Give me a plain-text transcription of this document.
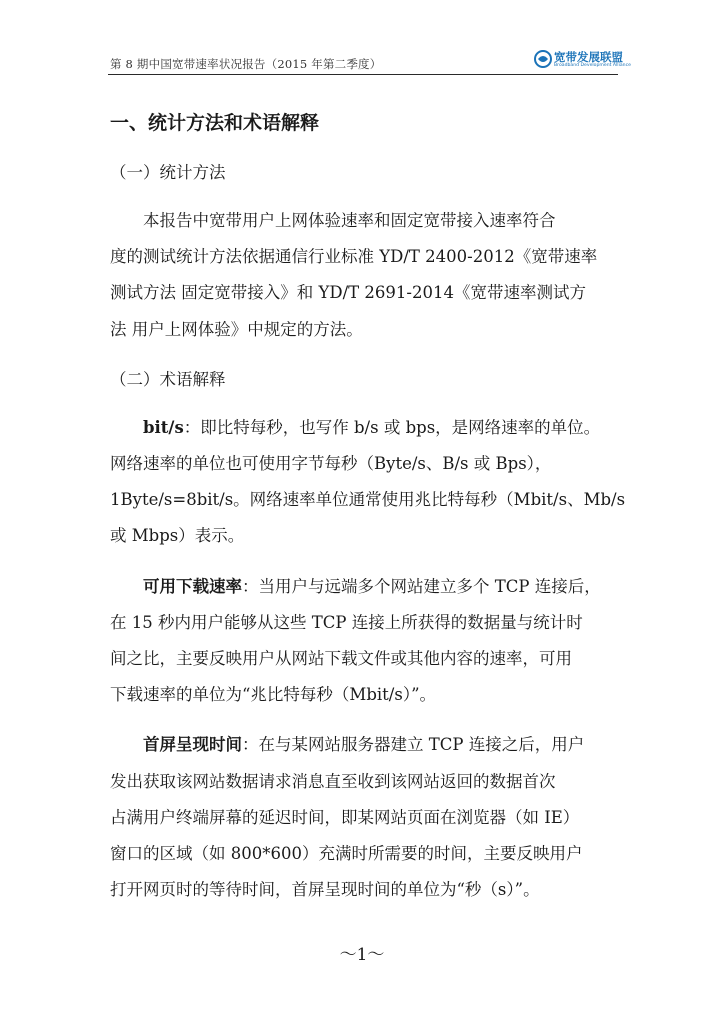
第 8 期中国宽带速率状况报告（2015 年第二季度）	宽带发展联盟
Broadband Development Alliance
一、统计方法和术语解释
（一）统计方法
本报告中宽带用户上网体验速率和固定宽带接入速率符合
度的测试统计方法依据通信行业标准 YD/T 2400-2012《宽带速率
测试方法 固定宽带接入》和 YD/T 2691-2014《宽带速率测试方
法 用户上网体验》中规定的方法。
（二）术语解释
bit/s：即比特每秒，也写作 b/s 或 bps，是网络速率的单位。
网络速率的单位也可使用字节每秒（Byte/s、B/s 或 Bps），
1Byte/s=8bit/s。网络速率单位通常使用兆比特每秒（Mbit/s、Mb/s
或 Mbps）表示。
可用下载速率：当用户与远端多个网站建立多个 TCP 连接后，
在 15 秒内用户能够从这些 TCP 连接上所获得的数据量与统计时
间之比，主要反映用户从网站下载文件或其他内容的速率，可用
下载速率的单位为“兆比特每秒（Mbit/s）”。
首屏呈现时间：在与某网站服务器建立 TCP 连接之后，用户
发出获取该网站数据请求消息直至收到该网站返回的数据首次
占满用户终端屏幕的延迟时间，即某网站页面在浏览器（如 IE）
窗口的区域（如 800*600）充满时所需要的时间，主要反映用户
打开网页时的等待时间，首屏呈现时间的单位为“秒（s）”。
～1～
